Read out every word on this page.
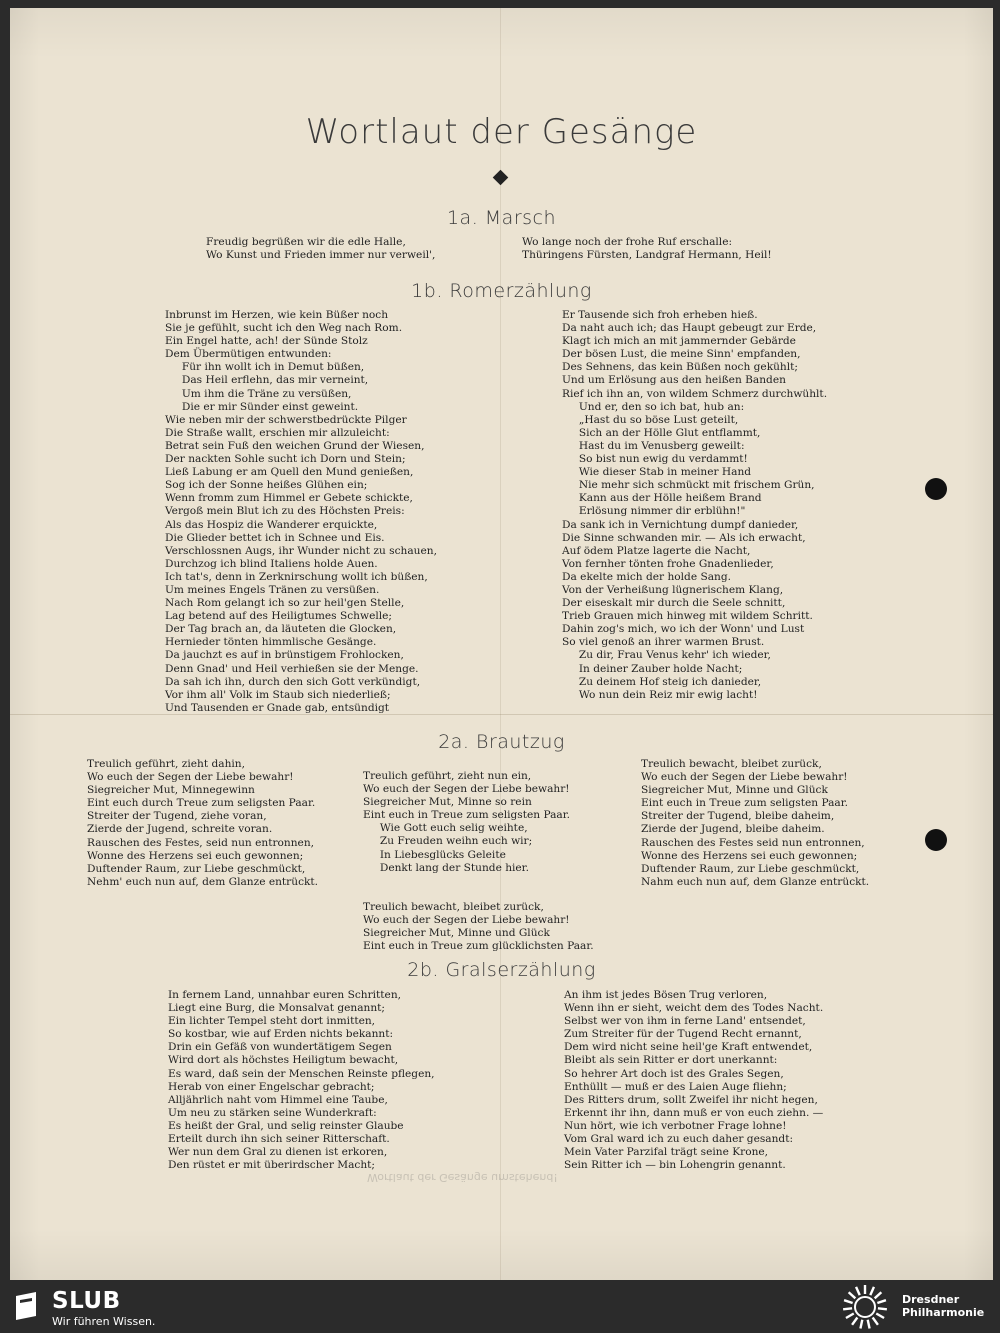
Wortlaut der Gesänge
1a. Marsch
Freudig begrüßen wir die edle Halle,
Wo Kunst und Frieden immer nur verweil',
Wo lange noch der frohe Ruf erschalle:
Thüringens Fürsten, Landgraf Hermann, Heil!
1b. Romerzählung
Inbrunst im Herzen, wie kein Büßer noch
Sie je gefühlt, sucht ich den Weg nach Rom.
Ein Engel hatte, ach! der Sünde Stolz
Dem Übermütigen entwunden:
Für ihn wollt ich in Demut büßen,
Das Heil erflehn, das mir verneint,
Um ihm die Träne zu versüßen,
Die er mir Sünder einst geweint.
Wie neben mir der schwerstbedrückte Pilger
Die Straße wallt, erschien mir allzuleicht:
Betrat sein Fuß den weichen Grund der Wiesen,
Der nackten Sohle sucht ich Dorn und Stein;
Ließ Labung er am Quell den Mund genießen,
Sog ich der Sonne heißes Glühen ein;
Wenn fromm zum Himmel er Gebete schickte,
Vergoß mein Blut ich zu des Höchsten Preis:
Als das Hospiz die Wanderer erquickte,
Die Glieder bettet ich in Schnee und Eis.
Verschlossnen Augs, ihr Wunder nicht zu schauen,
Durchzog ich blind Italiens holde Auen.
Ich tat's, denn in Zerknirschung wollt ich büßen,
Um meines Engels Tränen zu versüßen.
Nach Rom gelangt ich so zur heil'gen Stelle,
Lag betend auf des Heiligtumes Schwelle;
Der Tag brach an, da läuteten die Glocken,
Hernieder tönten himmlische Gesänge.
Da jauchzt es auf in brünstigem Frohlocken,
Denn Gnad' und Heil verhießen sie der Menge.
Da sah ich ihn, durch den sich Gott verkündigt,
Vor ihm all' Volk im Staub sich niederließ;
Und Tausenden er Gnade gab, entsündigt
Er Tausende sich froh erheben hieß.
Da naht auch ich; das Haupt gebeugt zur Erde,
Klagt ich mich an mit jammernder Gebärde
Der bösen Lust, die meine Sinn' empfanden,
Des Sehnens, das kein Büßen noch gekühlt;
Und um Erlösung aus den heißen Banden
Rief ich ihn an, von wildem Schmerz durchwühlt.
Und er, den so ich bat, hub an:
„Hast du so böse Lust geteilt,
Sich an der Hölle Glut entflammt,
Hast du im Venusberg geweilt:
So bist nun ewig du verdammt!
Wie dieser Stab in meiner Hand
Nie mehr sich schmückt mit frischem Grün,
Kann aus der Hölle heißem Brand
Erlösung nimmer dir erblühn!"
Da sank ich in Vernichtung dumpf danieder,
Die Sinne schwanden mir. — Als ich erwacht,
Auf ödem Platze lagerte die Nacht,
Von fernher tönten frohe Gnadenlieder,
Da ekelte mich der holde Sang.
Von der Verheißung lügnerischem Klang,
Der eiseskalt mir durch die Seele schnitt,
Trieb Grauen mich hinweg mit wildem Schritt.
Dahin zog's mich, wo ich der Wonn' und Lust
So viel genoß an ihrer warmen Brust.
Zu dir, Frau Venus kehr' ich wieder,
In deiner Zauber holde Nacht;
Zu deinem Hof steig ich danieder,
Wo nun dein Reiz mir ewig lacht!
2a. Brautzug
Treulich geführt, zieht dahin,
Wo euch der Segen der Liebe bewahr!
Siegreicher Mut, Minnegewinn
Eint euch durch Treue zum seligsten Paar.
Streiter der Tugend, ziehe voran,
Zierde der Jugend, schreite voran.
Rauschen des Festes, seid nun entronnen,
Wonne des Herzens sei euch gewonnen;
Duftender Raum, zur Liebe geschmückt,
Nehm' euch nun auf, dem Glanze entrückt.
Treulich geführt, zieht nun ein,
Wo euch der Segen der Liebe bewahr!
Siegreicher Mut, Minne so rein
Eint euch in Treue zum seligsten Paar.
Wie Gott euch selig weihte,
Zu Freuden weihn euch wir;
In Liebesglücks Geleite
Denkt lang der Stunde hier.

Treulich bewacht, bleibet zurück,
Wo euch der Segen der Liebe bewahr!
Siegreicher Mut, Minne und Glück
Eint euch in Treue zum glücklichsten Paar.
Treulich bewacht, bleibet zurück,
Wo euch der Segen der Liebe bewahr!
Siegreicher Mut, Minne und Glück
Eint euch in Treue zum seligsten Paar.
Streiter der Tugend, bleibe daheim,
Zierde der Jugend, bleibe daheim.
Rauschen des Festes seid nun entronnen,
Wonne des Herzens sei euch gewonnen;
Duftender Raum, zur Liebe geschmückt,
Nahm euch nun auf, dem Glanze entrückt.
2b. Gralserzählung
In fernem Land, unnahbar euren Schritten,
Liegt eine Burg, die Monsalvat genannt;
Ein lichter Tempel steht dort inmitten,
So kostbar, wie auf Erden nichts bekannt:
Drin ein Gefäß von wundertätigem Segen
Wird dort als höchstes Heiligtum bewacht,
Es ward, daß sein der Menschen Reinste pflegen,
Herab von einer Engelschar gebracht;
Alljährlich naht vom Himmel eine Taube,
Um neu zu stärken seine Wunderkraft:
Es heißt der Gral, und selig reinster Glaube
Erteilt durch ihn sich seiner Ritterschaft.
Wer nun dem Gral zu dienen ist erkoren,
Den rüstet er mit überirdscher Macht;
An ihm ist jedes Bösen Trug verloren,
Wenn ihn er sieht, weicht dem des Todes Nacht.
Selbst wer von ihm in ferne Land' entsendet,
Zum Streiter für der Tugend Recht ernannt,
Dem wird nicht seine heil'ge Kraft entwendet,
Bleibt als sein Ritter er dort unerkannt:
So hehrer Art doch ist des Grales Segen,
Enthüllt — muß er des Laien Auge fliehn;
Des Ritters drum, sollt Zweifel ihr nicht hegen,
Erkennt ihr ihn, dann muß er von euch ziehn. —
Nun hört, wie ich verbotner Frage lohne!
Vom Gral ward ich zu euch daher gesandt:
Mein Vater Parzifal trägt seine Krone,
Sein Ritter ich — bin Lohengrin genannt.
Wortlaut der Gesänge umstehend!
SLUB
Wir führen Wissen.
Dresdner
Philharmonie
